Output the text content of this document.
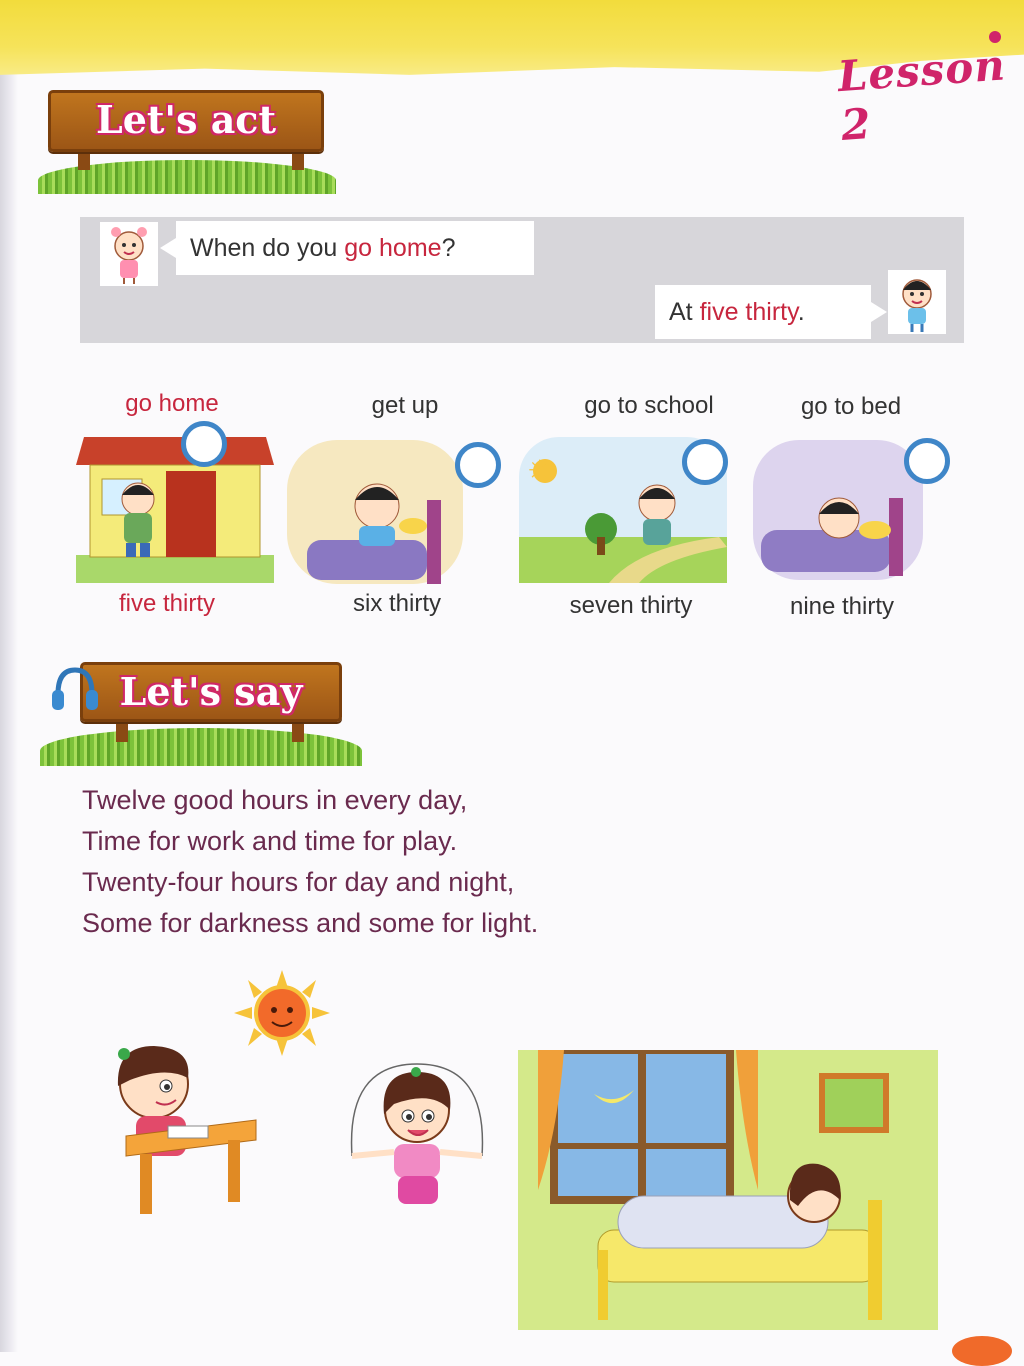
Lesson 2
Let's act
When do you go home?
At five thirty.
go home	get up	go to school	go to bed
☀
five thirty	six thirty	seven thirty	nine thirty
Let's say
Twelve good hours in every day,
Time for work and time for play.
Twenty-four hours for day and night,
Some for darkness and some for light.
